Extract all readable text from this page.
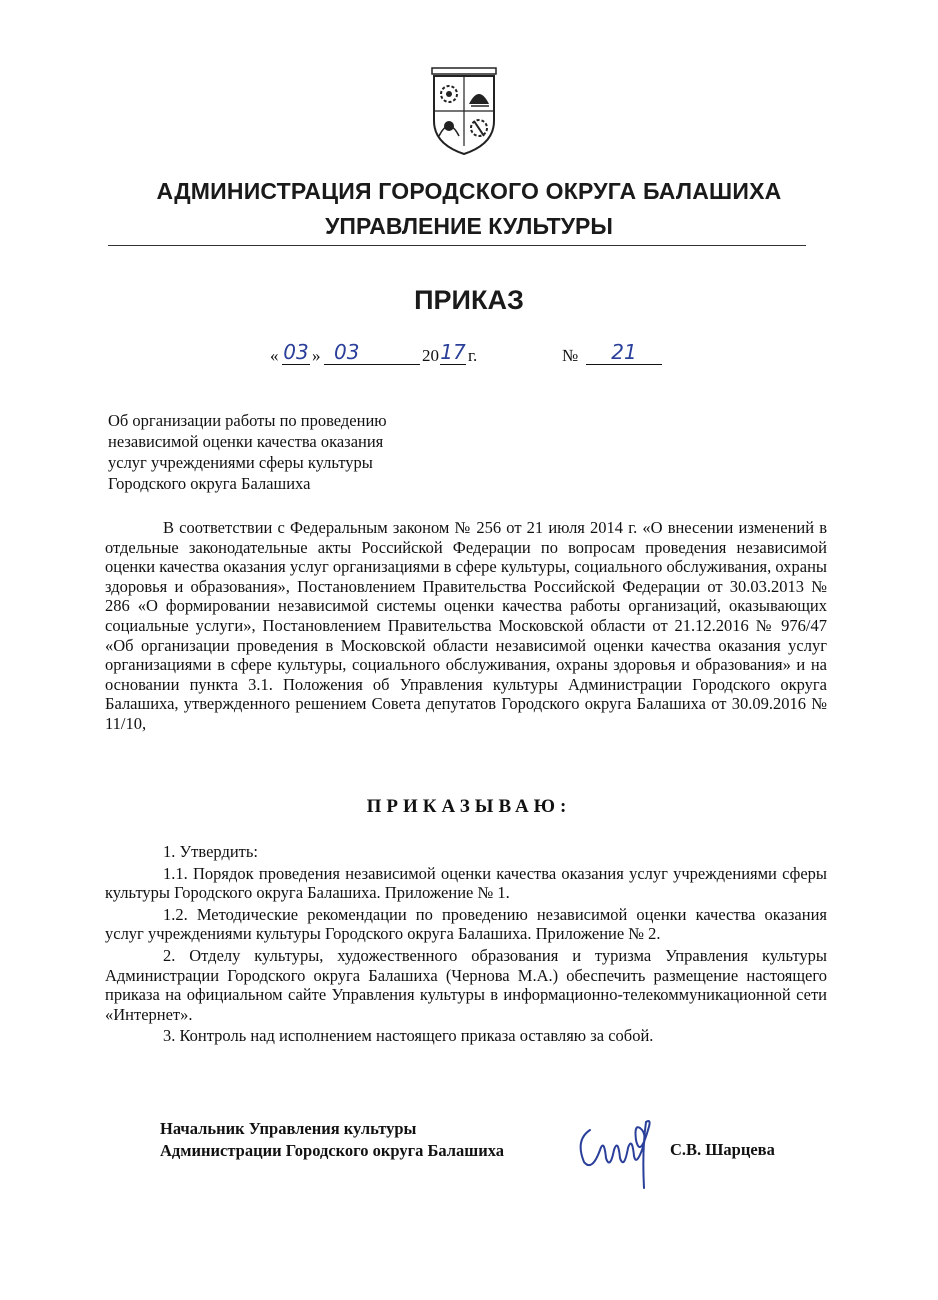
АДМИНИСТРАЦИЯ ГОРОДСКОГО ОКРУГА БАЛАШИХА
УПРАВЛЕНИЕ КУЛЬТУРЫ
ПРИКАЗ
« 03 » 03	20 17 г.	№	21
Об организации работы по проведению
независимой оценки качества оказания
услуг учреждениями сферы культуры
Городского округа Балашиха

В соответствии с Федеральным законом № 256 от 21 июля 2014 г. «О внесении изменений в отдельные законодательные акты Российской Федерации по вопросам проведения независимой оценки качества оказания услуг организациями в сфере культуры, социального обслуживания, охраны здоровья и образования», Постановлением Правительства Российской Федерации от 30.03.2013 № 286 «О формировании независимой системы оценки качества работы организаций, оказывающих социальные услуги», Постановлением Правительства Московской области от 21.12.2016 № 976/47 «Об организации проведения в Московской области независимой оценки качества оказания услуг организациями в сфере культуры, социального обслуживания, охраны здоровья и образования» и на основании пункта 3.1. Положения об Управления культуры Администрации Городского округа Балашиха, утвержденного решением Совета депутатов Городского округа Балашиха от 30.09.2016 № 11/10,

ПРИКАЗЫВАЮ:

1. Утвердить:

1.1. Порядок проведения независимой оценки качества оказания услуг учреждениями сферы культуры Городского округа Балашиха. Приложение № 1.

1.2. Методические рекомендации по проведению независимой оценки качества оказания услуг учреждениями культуры Городского округа Балашиха. Приложение № 2.

2. Отделу культуры, художественного образования и туризма Управления культуры Администрации Городского округа Балашиха (Чернова М.А.) обеспечить размещение настоящего приказа на официальном сайте Управления культуры в информационно-телекоммуникационной сети «Интернет».

3. Контроль над исполнением настоящего приказа оставляю за собой.

Начальник Управления культуры
Администрации Городского округа Балашиха	С.В. Шарцева
